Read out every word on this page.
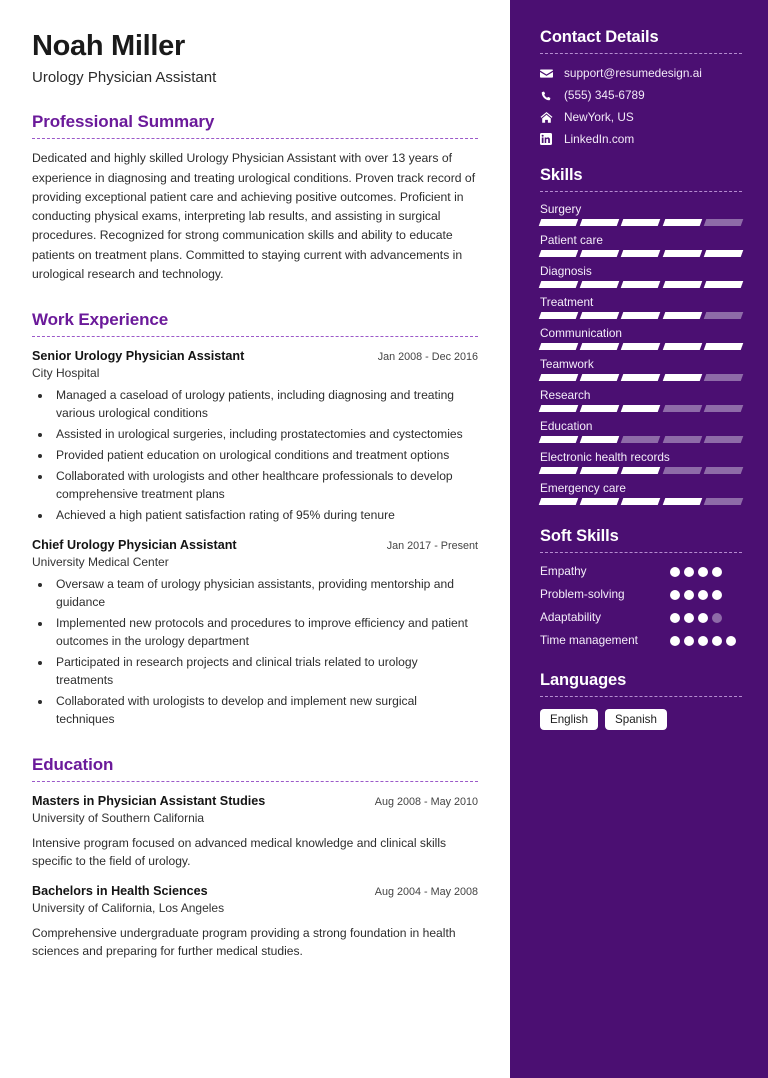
Noah Miller
Urology Physician Assistant
Professional Summary

Dedicated and highly skilled Urology Physician Assistant with over 13 years of experience in diagnosing and treating urological conditions. Proven track record of providing exceptional patient care and achieving positive outcomes. Proficient in conducting physical exams, interpreting lab results, and assisting in surgical procedures. Recognized for strong communication skills and ability to educate patients on treatment plans. Committed to staying current with advancements in urological research and technology.

Work Experience
Senior Urology Physician Assistant	Jan 2008 - Dec 2016
City Hospital
• Managed a caseload of urology patients, including diagnosing and treating various urological conditions
• Assisted in urological surgeries, including prostatectomies and cystectomies
• Provided patient education on urological conditions and treatment options
• Collaborated with urologists and other healthcare professionals to develop comprehensive treatment plans
• Achieved a high patient satisfaction rating of 95% during tenure
Chief Urology Physician Assistant	Jan 2017 - Present
University Medical Center
• Oversaw a team of urology physician assistants, providing mentorship and guidance
• Implemented new protocols and procedures to improve efficiency and patient outcomes in the urology department
• Participated in research projects and clinical trials related to urology treatments
• Collaborated with urologists to develop and implement new surgical techniques
Education
Masters in Physician Assistant Studies	Aug 2008 - May 2010
University of Southern California

Intensive program focused on advanced medical knowledge and clinical skills specific to the field of urology.

Bachelors in Health Sciences	Aug 2004 - May 2008
University of California, Los Angeles

Comprehensive undergraduate program providing a strong foundation in health sciences and preparing for further medical studies.

Contact Details
support@resumedesign.ai
(555) 345-6789
NewYork, US
LinkedIn.com
Skills
Surgery
Patient care
Diagnosis
Treatment
Communication
Teamwork
Research
Education
Electronic health records
Emergency care
Soft Skills
Empathy
Problem-solving
Adaptability
Time management
Languages
English	Spanish
